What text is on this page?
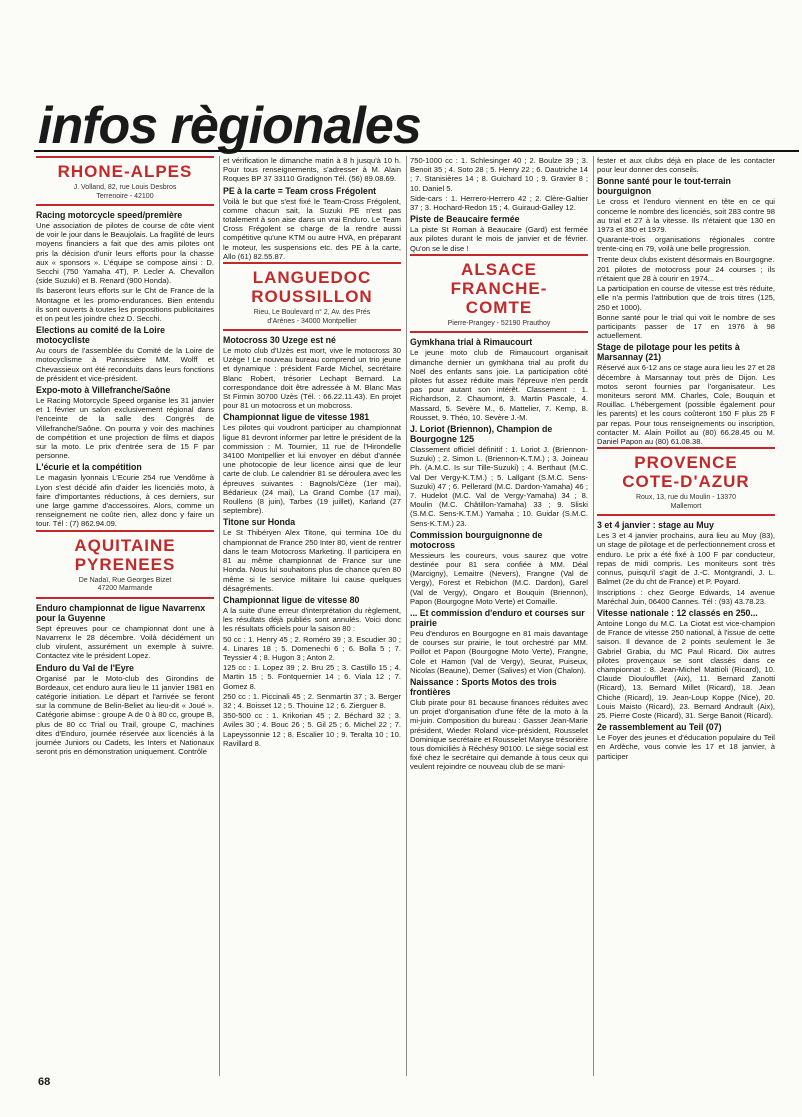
infos règionales
RHONE-ALPES
J. Volland, 82, rue Louis Desbros
Terrenoire - 42100
Racing motorcycle speed/première

Une association de pilotes de course de côte vient de voir le jour dans le Beaujolais. La fragilité de leurs moyens financiers a fait que des amis pilotes ont pris la décision d'unir leurs efforts pour la chasse aux « sponsors ». L'équipe se compose ainsi : D. Secchi (750 Yamaha 4T), P. Lecler A. Chevallon (side Suzuki) et B. Renard (900 Honda).

Ils baseront leurs efforts sur le Cht de France de la Montagne et les promo-endurances. Bien entendu ils sont ouverts à toutes les propositions publicitaires et on peut les joindre chez D. Secchi.

Elections au comité de la Loire motocycliste

Au cours de l'assemblée du Comité de la Loire de motocyclisme à Pannissière MM. Wolff et Chevassieux ont été reconduits dans leurs fonctions de président et vice-président.

Expo-moto à Villefranche/Saône

Le Racing Motorcycle Speed organise les 31 janvier et 1 février un salon exclusivement régional dans l'enceinte de la salle des Congrès de Villefranche/Saône. On pourra y voir des machines de compétition et une projection de films et diapos sur la moto. Le prix d'entrée sera de 15 F par personne.

L'écurie et la compétition

Le magasin lyonnais L'Ecurie 254 rue Vendôme à Lyon s'est décidé afin d'aider les licenciés moto, à faire d'importantes réductions, à ces derniers, sur une large gamme d'accessoires. Alors, comme un renseignement ne coûte rien, allez donc y faire un tour. Tél : (7) 862.94.09.

AQUITAINE
PYRENEES
De Nadaï, Rue Georges Bizet
47200 Marmande
Enduro championnat de ligue Navarrenx pour la Guyenne

Sept épreuves pour ce championnat dont une à Navarrenx le 28 décembre. Voilà décidément un club virulent, assurément un exemple à suivre. Contactez vite le président Lopez.

Enduro du Val de l'Eyre

Organisé par le Moto-club des Girondins de Bordeaux, cet enduro aura lieu le 11 janvier 1981 en catégorie initiation. Le départ et l'arrivée se feront sur la commune de Belin-Beliet au lieu-dit « Joué ». Catégorie abimse : groupe A de 0 à 80 cc, groupe B, plus de 80 cc Trial ou Trail, groupe C, machines dites d'Enduro, journée réservée aux licenciés à la journée Juniors ou Cadets, les Inters et Nationaux seront pris en démonstration uniquement. Contrôle

et vérification le dimanche matin à 8 h jusqu'à 10 h. Pour tous renseignements, s'adresser à M. Alain Roques BP 37 33110 Gradignon Tél. (56) 89.08.69.

PE à la carte = Team cross Frégolent

Voilà le but que s'est fixé le Team-Cross Frégolent, comme chacun sait, la Suzuki PE n'est pas totalement à son aise dans un vrai Enduro. Le Team Cross Frégolent se charge de la rendre aussi compétitive qu'une KTM ou autre HVA, en préparant le moteur, les suspensions etc. des PE à la carte, Allo (61) 82.55.87.

LANGUEDOC
ROUSSILLON
Rieu, Le Boulevard n° 2, Av. des Prés
d'Arènes - 34000 Montpellier
Motocross 30 Uzege est né

Le moto club d'Uzès est mort, vive le motocross 30 Uzège ! Le nouveau bureau comprend un trio jeune et dynamique : président Farde Michel, secrétaire Blanc Robert, trésorier Lechapt Bernard. La correspondance doit être adressée à M. Blanc Mas St Firmin 30700 Uzès (Tél. : 66.22.11.43). En projet pour 81 un motocross et un mobcross.

Championnat ligue de vitesse 1981

Les pilotes qui voudront participer au championnat ligue 81 devront informer par lettre le président de la commission : M. Tournier, 11 rue de l'Hirondelle 34100 Montpellier et lui envoyer en début d'année une photocopie de leur licence ainsi que de leur carte de club. Le calendrier 81 se déroulera avec les épreuves suivantes : Bagnols/Cèze (1er mai), Bédarieux (24 mai), La Grand Combe (17 mai), Roullens (8 juin), Tarbes (19 juillet), Karland (27 septembre).

Titone sur Honda

Le St Thibéryen Alex Titone, qui termina 10e du championnat de France 250 Inter 80, vient de rentrer dans le team Motocross Marketing. Il participera en 81 au même championnat de France sur une Honda. Nous lui souhaitons plus de chance qu'en 80 même si le service militaire lui cause quelques désagréments.

Championnat ligue de vitesse 80

A la suite d'une erreur d'interprétation du règlement, les résultats déjà publiés sont annulés. Voici donc les résultats officiels pour la saison 80 :

50 cc : 1. Henry 45 ; 2. Roméro 39 ; 3. Escudier 30 ; 4. Linares 18 ; 5. Domenechi 6 ; 6. Bolla 5 ; 7. Teyssier 4 ; 8. Hugon 3 ; Anton 2.

125 cc : 1. Lopez 39 ; 2. Bru 25 ; 3. Castillo 15 ; 4. Martin 15 ; 5. Fontquernier 14 ; 6. Viala 12 ; 7. Gomez 8.

250 cc : 1. Piccinali 45 ; 2. Senmartin 37 ; 3. Berger 32 ; 4. Boisset 12 ; 5. Thouine 12 ; 6. Zierguer 8.

350-500 cc : 1. Krikorian 45 ; 2. Béchard 32 ; 3. Aviles 30 ; 4. Bouc 26 ; 5. Gil 25 ; 6. Michel 22 ; 7. Lapeyssonnie 12 ; 8. Escalier 10 ; 9. Teralta 10 ; 10. Ravillard 8.

750-1000 cc : 1. Schlesinger 40 ; 2. Boulze 39 ; 3. Benoit 35 ; 4. Soto 28 ; 5. Henry 22 ; 6. Dautriche 14 ; 7. Stanisières 14 ; 8. Guichard 10 ; 9. Gravier 8 ; 10. Daniel 5.

Side-cars : 1. Herrero-Herrero 42 ; 2. Clère-Galtier 37 ; 3. Hochard-Redon 15 ; 4. Guiraud-Galley 12.

Piste de Beaucaire fermée

La piste St Roman à Beaucaire (Gard) est fermée aux pilotes durant le mois de janvier et de février. Qu'on se le dise !

ALSACE
FRANCHE-
COMTE
Pierre-Prangey - 52190 Prauthoy
Gymkhana trial à Rimaucourt

Le jeune moto club de Rimaucourt organisait dimanche dernier un gymkhana trial au profit du Noël des enfants sans joie. La participation côté pilotes fut assez réduite mais l'épreuve n'en perdit pas pour autant son intérêt. Classement : 1. Richardson, 2. Chaumont, 3. Martin Pascale, 4. Massard, 5. Sevère M., 6. Mattelier, 7. Kemp, 8. Rousset, 9. Théo, 10. Sevère J.-M.

J. Loriot (Briennon), Champion de Bourgogne 125

Classement officiel définitif : 1. Loriot J. (Briennon-Suzuki) ; 2. Simon L. (Briennon-K.T.M.) ; 3. Joineau Ph. (A.M.C. Is sur Tille-Suzuki) ; 4. Berthaut (M.C. Val Der Vergy-K.T.M.) ; 5. Lallgant (S.M.C. Sens-Suzuki) 47 ; 6. Pellerard (M.C. Dardon-Yamaha) 46 ; 7. Hudelot (M.C. Val de Vergy-Yamaha) 34 ; 8. Moulin (M.C. Châtillon-Yamaha) 33 ; 9. Sliski (S.M.C. Sens-K.T.M.) Yamaha ; 10. Guidar (S.M.C. Sens-K.T.M.) 23.

Commission bourguignonne de motocross

Messieurs les coureurs, vous saurez que votre destinée pour 81 sera confiée à MM. Déal (Marcigny), Lemaitre (Nevers), Frangne (Val de Vergy), Forest et Rebichon (M.C. Dardon), Garel (Val de Vergy), Ongaro et Bouquin (Briennon), Papon (Bourgogne Moto Verte) et Comaille.

... Et commission d'enduro et courses sur prairie

Peu d'enduros en Bourgogne en 81 mais davantage de courses sur prairie, le tout orchestré par MM. Poillot et Papon (Bourgogne Moto Verte), Frangne, Cole et Hamon (Val de Vergy), Seurat, Puiseux, Nicolas (Beaune), Demer (Salives) et Vion (Chalon).

Naissance : Sports Motos des trois frontières

Club pirate pour 81 because finances réduites avec un projet d'organisation d'une fête de la moto à la mi-juin. Composition du bureau : Gasser Jean-Marie président, Wieder Roland vice-président, Rousselet Dominique secrétaire et Rousselet Maryse trésorière tous domiciliés à Réchésy 90100. Le siège social est fixé chez le secrétaire qui demande à tous ceux qui veulent rejoindre ce nouveau club de se mani-

fester et aux clubs déjà en place de les contacter pour leur donner des conseils.

Bonne santé pour le tout-terrain bourguignon

Le cross et l'enduro viennent en tête en ce qui concerne le nombre des licenciés, soit 283 contre 98 au trial et 27 à la vitesse. Ils n'étaient que 130 en 1973 et 350 et 1979.

Quarante-trois organisations régionales contre trente-cinq en 79, voilà une belle progression.

Trente deux clubs existent désormais en Bourgogne.

201 pilotes de motocross pour 24 courses ; ils n'étaient que 28 à courir en 1974...

La participation en course de vitesse est très réduite, elle n'a permis l'attribution que de trois titres (125, 250 et 1000).

Bonne santé pour le trial qui voit le nombre de ses participants passer de 17 en 1976 à 98 actuellement.

Stage de pilotage pour les petits à Marsannay (21)

Réservé aux 6-12 ans ce stage aura lieu les 27 et 28 décembre à Marsannay tout près de Dijon. Les motos seront fournies par l'organisateur. Les moniteurs seront MM. Charles, Cole, Bouquin et Rouillac. L'hébergement (possible également pour les parents) et les cours coûteront 150 F plus 25 F par repas. Pour tous renseignements ou inscription, contacter M. Alain Poillot au (80) 66.28.45 ou M. Daniel Papon au (80) 61.08.38.

PROVENCE
COTE-D'AZUR
Roux, 13, rue du Moulin - 13370
Mallemort
3 et 4 janvier : stage au Muy

Les 3 et 4 janvier prochains, aura lieu au Muy (83), un stage de pilotage et de perfectionnement cross et enduro. Le prix a été fixé à 100 F par conducteur, repas de midi compris. Les moniteurs sont très connus, puisqu'il s'agit de J.-C. Montgrandi, J. L. Balmet (2e du cht de France) et P. Poyard.

Inscriptions : chez George Edwards, 14 avenue Maréchal Juin, 06400 Cannes. Tél : (93) 43.78.23.

Vitesse nationale : 12 classés en 250...

Antoine Longo du M.C. La Ciotat est vice-champion de France de vitesse 250 national, à l'issue de cette saison. Il devance de 2 points seulement le 3e Gabriel Grabia, du MC Paul Ricard. Dix autres pilotes provençaux se sont classés dans ce championnat : 8. Jean-Michel Mattioli (Ricard), 10. Claude Diouloufflet (Aix), 11. Bernard Zanotti (Ricard), 13. Bernard Millet (Ricard), 18. Jean Chiche (Ricard), 19. Jean-Loup Koppe (Nice), 20. Louis Maisto (Ricard), 23. Bernard Andrault (Aix), 25. Pierre Coste (Ricard), 31. Serge Banoit (Ricard).

2e rassemblement au Teil (07)

Le Foyer des jeunes et d'éducation populaire du Teil en Ardèche, vous convie les 17 et 18 janvier, à participer

68
